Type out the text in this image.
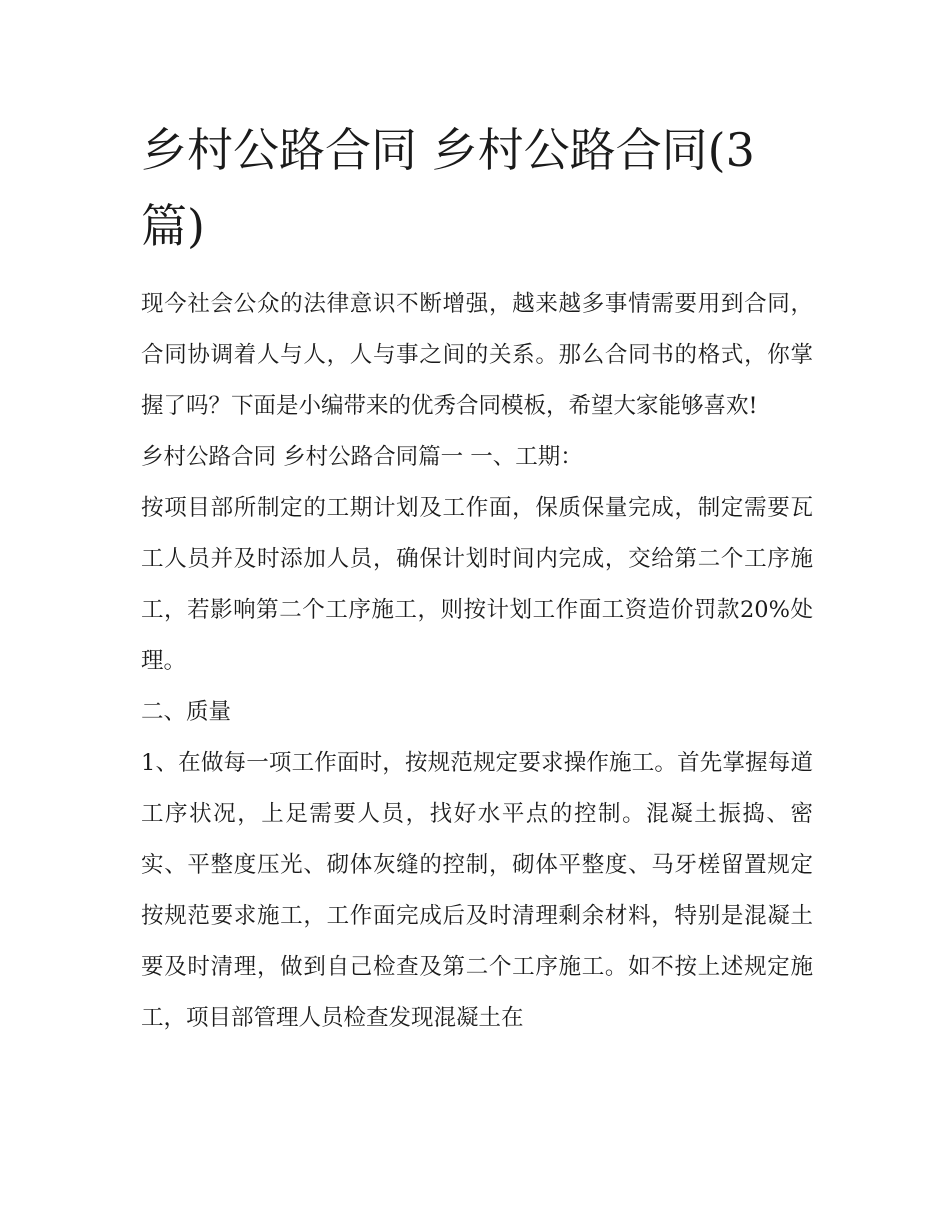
乡村公路合同 乡村公路合同(3篇)

现今社会公众的法律意识不断增强，越来越多事情需要用到合同，合同协调着人与人，人与事之间的关系。那么合同书的格式，你掌握了吗？下面是小编带来的优秀合同模板，希望大家能够喜欢!

乡村公路合同 乡村公路合同篇一 一、工期：

按项目部所制定的工期计划及工作面，保质保量完成，制定需要瓦工人员并及时添加人员，确保计划时间内完成，交给第二个工序施工，若影响第二个工序施工，则按计划工作面工资造价罚款20%处理。

二、质量

1、在做每一项工作面时，按规范规定要求操作施工。首先掌握每道工序状况，上足需要人员，找好水平点的控制。混凝土振捣、密实、平整度压光、砌体灰缝的控制，砌体平整度、马牙槎留置规定按规范要求施工，工作面完成后及时清理剩余材料，特别是混凝土要及时清理，做到自己检查及第二个工序施工。如不按上述规定施工，项目部管理人员检查发现混凝土在
